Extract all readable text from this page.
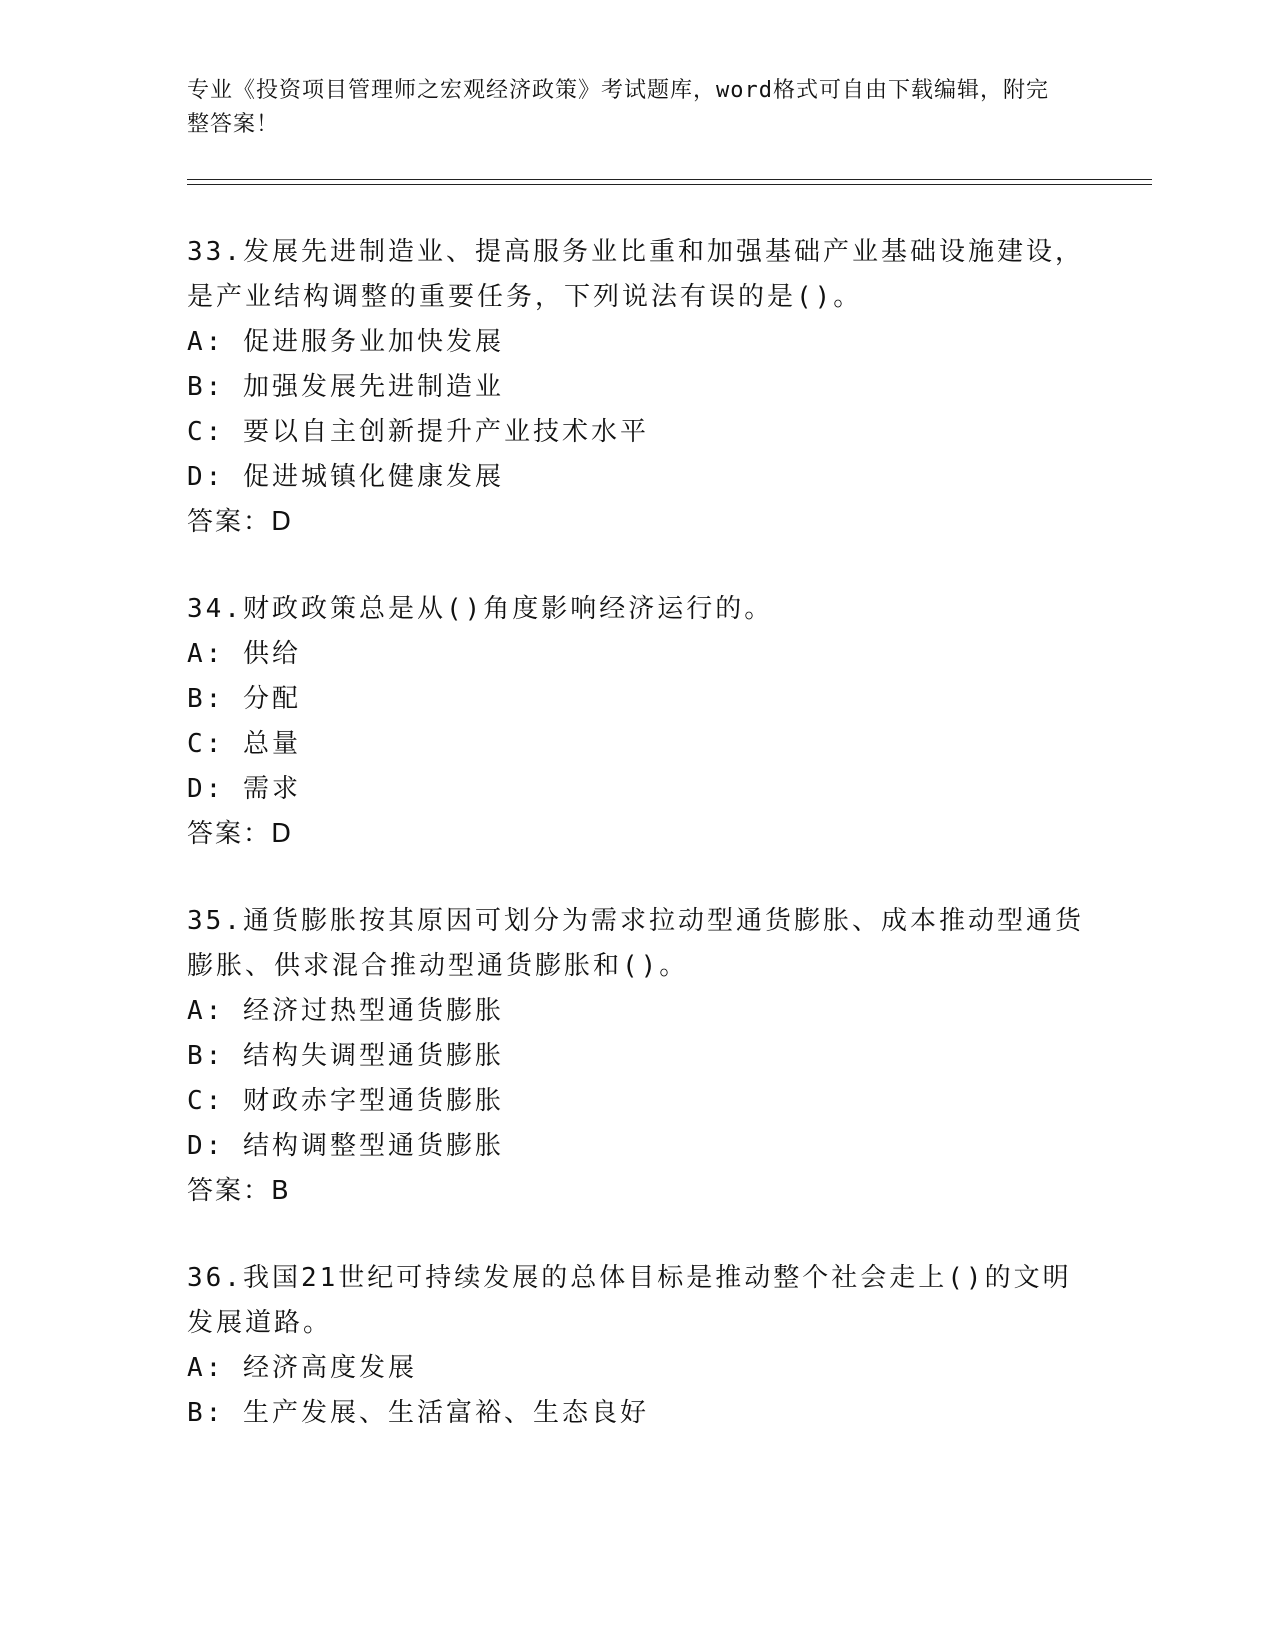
专业《投资项目管理师之宏观经济政策》考试题库，word格式可自由下载编辑，附完整答案！
33.发展先进制造业、提高服务业比重和加强基础产业基础设施建设，是产业结构调整的重要任务，下列说法有误的是()。
A: 促进服务业加快发展
B: 加强发展先进制造业
C: 要以自主创新提升产业技术水平
D: 促进城镇化健康发展
答案：D
34.财政政策总是从()角度影响经济运行的。
A: 供给
B: 分配
C: 总量
D: 需求
答案：D
35.通货膨胀按其原因可划分为需求拉动型通货膨胀、成本推动型通货膨胀、供求混合推动型通货膨胀和()。
A: 经济过热型通货膨胀
B: 结构失调型通货膨胀
C: 财政赤字型通货膨胀
D: 结构调整型通货膨胀
答案：B
36.我国21世纪可持续发展的总体目标是推动整个社会走上()的文明发展道路。
A: 经济高度发展
B: 生产发展、生活富裕、生态良好
